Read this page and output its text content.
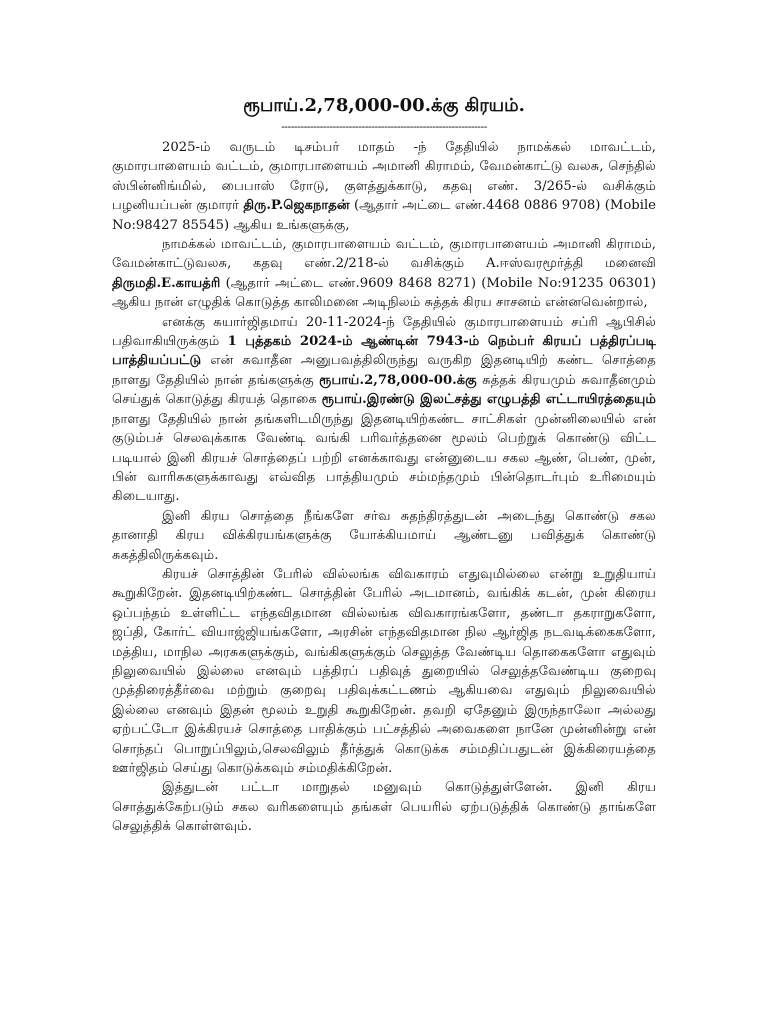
ரூபாய்.2,78,000-00.க்கு கிரயம்.
----------------------------------------------------------------

2025-ம் வருடம் டிசம்பர் மாதம் -ந் தேதியில் நாமக்கல் மாவட்டம், குமாரபாளையம் வட்டம், குமாரபாளையம் அமானி கிராமம், வேமன்காட்டு வலசு, செந்தில் ஸ்பின்னிங்மில், பைபாஸ் ரோடு, குளத்துக்காடு, கதவு எண். 3/265-ல் வசிக்கும் பழனியப்பன் குமாரர் திரு.P.ஜெகநாதன் (ஆதார் அட்டை எண்.4468 0886 9708) (Mobile No:98427 85545) ஆகிய உங்களுக்கு,

நாமக்கல் மாவட்டம், குமாரபாளையம் வட்டம், குமாரபாளையம் அமானி கிராமம், வேமன்காட்டுவலசு, கதவு எண்.2/218-ல் வசிக்கும் A.ஈஸ்வரமூர்த்தி மனைவி திருமதி.E.காயத்ரி (ஆதார் அட்டை எண்.9609 8468 8271) (Mobile No:91235 06301) ஆகிய நான் எழுதிக் கொடுத்த காலிமனை அடிநிலம் சுத்தக் கிரய சாசனம் என்னவென்றால்,

எனக்கு சுயார்ஜிதமாய் 20-11-2024-ந் தேதியில் குமாரபாளையம் சப்ரி ஆபிசில் பதிவாகியிருக்கும் 1 புத்தகம் 2024-ம் ஆண்டின் 7943-ம் நெம்பர் கிரயப் பத்திரப்படி பாத்தியப்பட்டு என் சுவாதீன அனுபவத்திலிருந்து வருகிற இதனடியிற் கண்ட சொத்தை நாளது தேதியில் நான் தங்களுக்கு ரூபாய்.2,78,000-00.க்கு சுத்தக் கிரயமும் சுவாதீனமும் செய்துக் கொடுத்து கிரயத் தொகை ரூபாய்.இரண்டு இலட்சத்து எழுபத்தி எட்டாயிரத்தையும் நாளது தேதியில் நான் தங்களிடமிருந்து இதனடியிற்கண்ட சாட்சிகள் முன்னிலையில் என் குடும்பச் செலவுக்காக வேண்டி வங்கி பரிவர்த்தனை மூலம் பெற்றுக் கொண்டு விட்ட படியால் இனி கிரயச் சொத்தைப் பற்றி எனக்காவது என்னுடைய சகல ஆண், பெண், முன், பின் வாரிசுகளுக்காவது எவ்வித பாத்தியமும் சம்மந்தமும் பின்தொடர்பும் உரிமையும் கிடையாது.

இனி கிரய சொத்தை நீங்களே சர்வ சுதந்திரத்துடன் அடைந்து கொண்டு சகல தானாதி கிரய விக்கிரயங்களுக்கு யோக்கியமாய் ஆண்டனு பவித்துக் கொண்டு சுகத்திலிருக்கவும்.

கிரயச் சொத்தின் பேரில் வில்லங்க விவகாரம் எதுவுமில்லை என்று உறுதியாய் கூறுகிறேன். இதனடியிற்கண்ட சொத்தின் பேரில் அடமானம், வங்கிக் கடன், முன் கிரைய ஒப்பந்தம் உள்ளிட்ட எந்தவிதமான வில்லங்க விவகாரங்களோ, தண்டா தகராறுகளோ, ஜப்தி, கோர்ட் வியாஜ்ஜியங்களோ, அரசின் எந்தவிதமான நில ஆர்ஜித நடவடிக்கைகளோ, மத்திய, மாநில அரசுகளுக்கும், வங்கிகளுக்கும் செலுத்த வேண்டிய தொகைகளோ எதுவும் நிலுவையில் இல்லை எனவும் பத்திரப் பதிவுத் துறையில் செலுத்தவேண்டிய குறைவு முத்திரைத்தீர்வை மற்றும் குறைவு பதிவுக்கட்டணம் ஆகியவை எதுவும் நிலுவையில் இல்லை எனவும் இதன் மூலம் உறுதி கூறுகிறேன். தவறி ஏதேனும் இருந்தாலோ அல்லது ஏற்பட்டோ இக்கிரயச் சொத்தை பாதிக்கும் பட்சத்தில் அவைகளை நானே முன்னின்று என் சொந்தப் பொறுப்பிலும்,செலவிலும் தீர்த்துக் கொடுக்க சம்மதிப்பதுடன் இக்கிரையத்தை ஊர்ஜிதம் செய்து கொடுக்கவும் சம்மதிக்கிறேன்.

இத்துடன் பட்டா மாறுதல் மனுவும் கொடுத்துள்ளேன். இனி கிரய சொத்துக்கேற்படும் சகல வரிகளையும் தங்கள் பெயரில் ஏற்படுத்திக் கொண்டு தாங்களே செலுத்திக் கொள்ளவும்.
